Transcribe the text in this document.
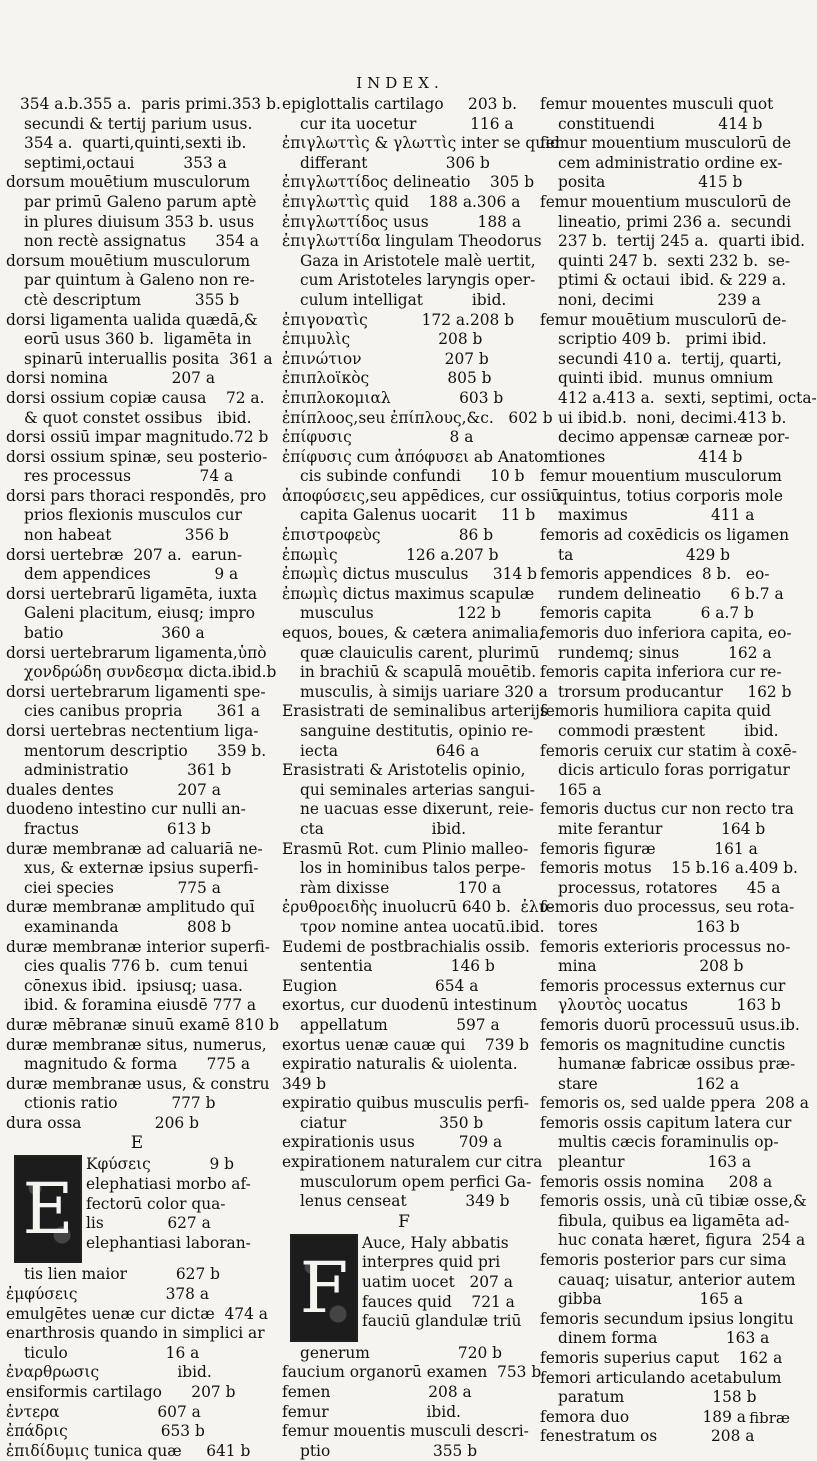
INDEX.
354 a.b.355 a.  paris primi.353 b.
secundi & tertij parium usus.
354 a.  quarti,quinti,sexti ib.
septimi,octaui          353 a
dorsum mouētium musculorum
par primū Galeno parum aptè
in plures diuisum 353 b. usus
non rectè assignatus      354 a
dorsum mouētium musculorum
par quintum à Galeno non re-
ctè descriptum           355 b
dorsi ligamenta ualida quædā,&
eorū usus 360 b.  ligamēta in
spinarū interuallis posita  361 a
dorsi nomina             207 a
dorsi ossium copiæ causa    72 a.
& quot constet ossibus   ibid.
dorsi ossiū impar magnitudo.72 b
dorsi ossium spinæ, seu posterio-
res processus              74 a
dorsi pars thoraci respondēs, pro
prios flexionis musculos cur
non habeat               356 b
dorsi uertebræ  207 a.  earun-
dem appendices             9 a
dorsi uertebrarū ligamēta, iuxta
Galeni placitum, eiusq; impro
batio                    360 a
dorsi uertebrarum ligamenta,ὑπὸ
χονδρώδη συνδεσμα dicta.ibid.b
dorsi uertebrarum ligamenti spe-
cies canibus propria       361 a
dorsi uertebras nectentium liga-
mentorum descriptio      359 b.
administratio            361 b
duales dentes             207 a
duodeno intestino cur nulli an-
fractus                  613 b
duræ membranæ ad caluariā ne-
xus, & externæ ipsius superfi-
ciei species             775 a
duræ membranæ amplitudo quī
examinanda              808 b
duræ membranæ interior superfi-
cies qualis 776 b.  cum tenui
cōnexus ibid.  ipsiusq; uasa.
ibid. & foramina eiusdē 777 a
duræ mēbranæ sinuū examē 810 b
duræ membranæ situs, numerus,
magnitudo & forma      775 a
duræ membranæ usus, & constru
ctionis ratio           777 b
dura ossa               206 b
E
E
Κφύσεις            9 b
elephatiasi morbo af-
fectorū color qua-
lis             627 a
elephantiasi laboran-
tis lien maior          627 b
ἐμφύσεις                  378 a
emulgētes uenæ cur dictæ  474 a
enarthrosis quando in simplici ar
ticulo                    16 a
ἐναρθρωσις                ibid.
ensiformis cartilago      207 b
ἐντερα                    607 a
ἐπάδρις                   653 b
ἐπιδίδυμις tunica quæ     641 b
epiglottalis cartilago     203 b.
cur ita uocetur           116 a
ἐπιγλωττὶς & γλωττὶς inter se quid
differant                306 b
ἐπιγλωττίδος delineatio    305 b
ἐπιγλωττὶς quid    188 a.306 a
ἐπιγλωττίδος usus          188 a
ἐπιγλωττίδα lingulam Theodorus
Gaza in Aristotele malè uertit,
cum Aristoteles laryngis oper-
culum intelligat          ibid.
ἐπιγονατὶς           172 a.208 b
ἐπιμυλὶς                  208 b
ἐπινώτιον                 207 b
ἐπιπλοϊκὸς                805 b
ἐπιπλοκομιαλ              603 b
ἐπίπλοος,seu ἐπίπλους,&c.   602 b
ἐπίφυσις                    8 a
ἐπίφυσις cum ἀπόφυσει ab Anatomi
cis subinde confundi      10 b
ἀποφύσεις,seu appēdices, cur ossiū
capita Galenus uocarit     11 b
ἐπιστροφεὺς                86 b
ἐπωμὶς              126 a.207 b
ἐπωμὶς dictus musculus     314 b
ἐπωμὶς dictus maximus scapulæ
musculus                 122 b
equos, boues, & cætera animalia,
quæ clauiculis carent, plurimū
in brachiū & scapulā mouētib.
musculis, à simijs uariare 320 a
Erasistrati de seminalibus arterijs
sanguine destitutis, opinio re-
iecta                    646 a
Erasistrati & Aristotelis opinio,
qui seminales arterias sangui-
ne uacuas esse dixerunt, reie-
cta                      ibid.
Erasmū Rot. cum Plinio malleo-
los in hominibus talos perpe-
ràm dixisse              170 a
ἐρυθροειδὴς inuolucrū 640 b.  ἐλυ-
τρον nomine antea uocatū.ibid.
Eudemi de postbrachialis ossib.
sententia                146 b
Eugion                    654 a
exortus, cur duodenū intestinum
appellatum              597 a
exortus uenæ cauæ qui    739 b
expiratio naturalis & uiolenta.
349 b
expiratio quibus musculis perfi-
ciatur                   350 b
expirationis usus         709 a
expirationem naturalem cur citra
musculorum opem perfici Ga-
lenus censeat            349 b
F
F
Auce, Haly abbatis
interpres quid pri
uatim uocet   207 a
fauces quid    721 a
fauciū glandulæ triū
generum                  720 b
faucium organorū examen  753 b
femen                    208 a
femur                    ibid.
femur mouentis musculi descri-
ptio                     355 b
femur mouentes musculi quot
constituendi             414 b
femur mouentium musculorū de
cem administratio ordine ex-
posita                   415 b
femur mouentium musculorū de
lineatio, primi 236 a.  secundi
237 b.  tertij 245 a.  quarti ibid.
quinti 247 b.  sexti 232 b.  se-
ptimi & octaui  ibid. & 229 a.
noni, decimi             239 a
femur mouētium musculorū de-
scriptio 409 b.   primi ibid.
secundi 410 a.  tertij, quarti,
quinti ibid.  munus omnium
412 a.413 a.  sexti, septimi, octa-
ui ibid.b.  noni, decimi.413 b.
decimo appensæ carneæ por-
tiones                   414 b
femur mouentium musculorum
quintus, totius corporis mole
maximus                 411 a
femoris ad coxēdicis os ligamen
ta                       429 b
femoris appendices  8 b.   eo-
rundem delineatio      6 b.7 a
femoris capita          6 a.7 b
femoris duo inferiora capita, eo-
rundemq; sinus          162 a
femoris capita inferiora cur re-
trorsum producantur     162 b
femoris humiliora capita quid
commodi præstent        ibid.
femoris ceruix cur statim à coxē-
dicis articulo foras porrigatur
165 a
femoris ductus cur non recto tra
mite ferantur            164 b
femoris figuræ            161 a
femoris motus    15 b.16 a.409 b.
processus, rotatores      45 a
femoris duo processus, seu rota-
tores                    163 b
femoris exterioris processus no-
mina                     208 b
femoris processus externus cur
γλουτὸς uocatus          163 b
femoris duorū processuū usus.ib.
femoris os magnitudine cunctis
humanæ fabricæ ossibus præ-
stare                    162 a
femoris os, sed ualde ppera  208 a
femoris ossis capitum latera cur
multis cæcis foraminulis op-
pleantur                 163 a
femoris ossis nomina     208 a
femoris ossis, unà cū tibiæ osse,&
fibula, quibus ea ligamēta ad-
huc conata hæret, figura  254 a
femoris posterior pars cur sima
cauaq; uisatur, anterior autem
gibba                    165 a
femoris secundum ipsius longitu
dinem forma              163 a
femoris superius caput    162 a
femori articulando acetabulum
paratum                  158 b
femora duo               189 a
fenestratum os           208 a
fibræ
